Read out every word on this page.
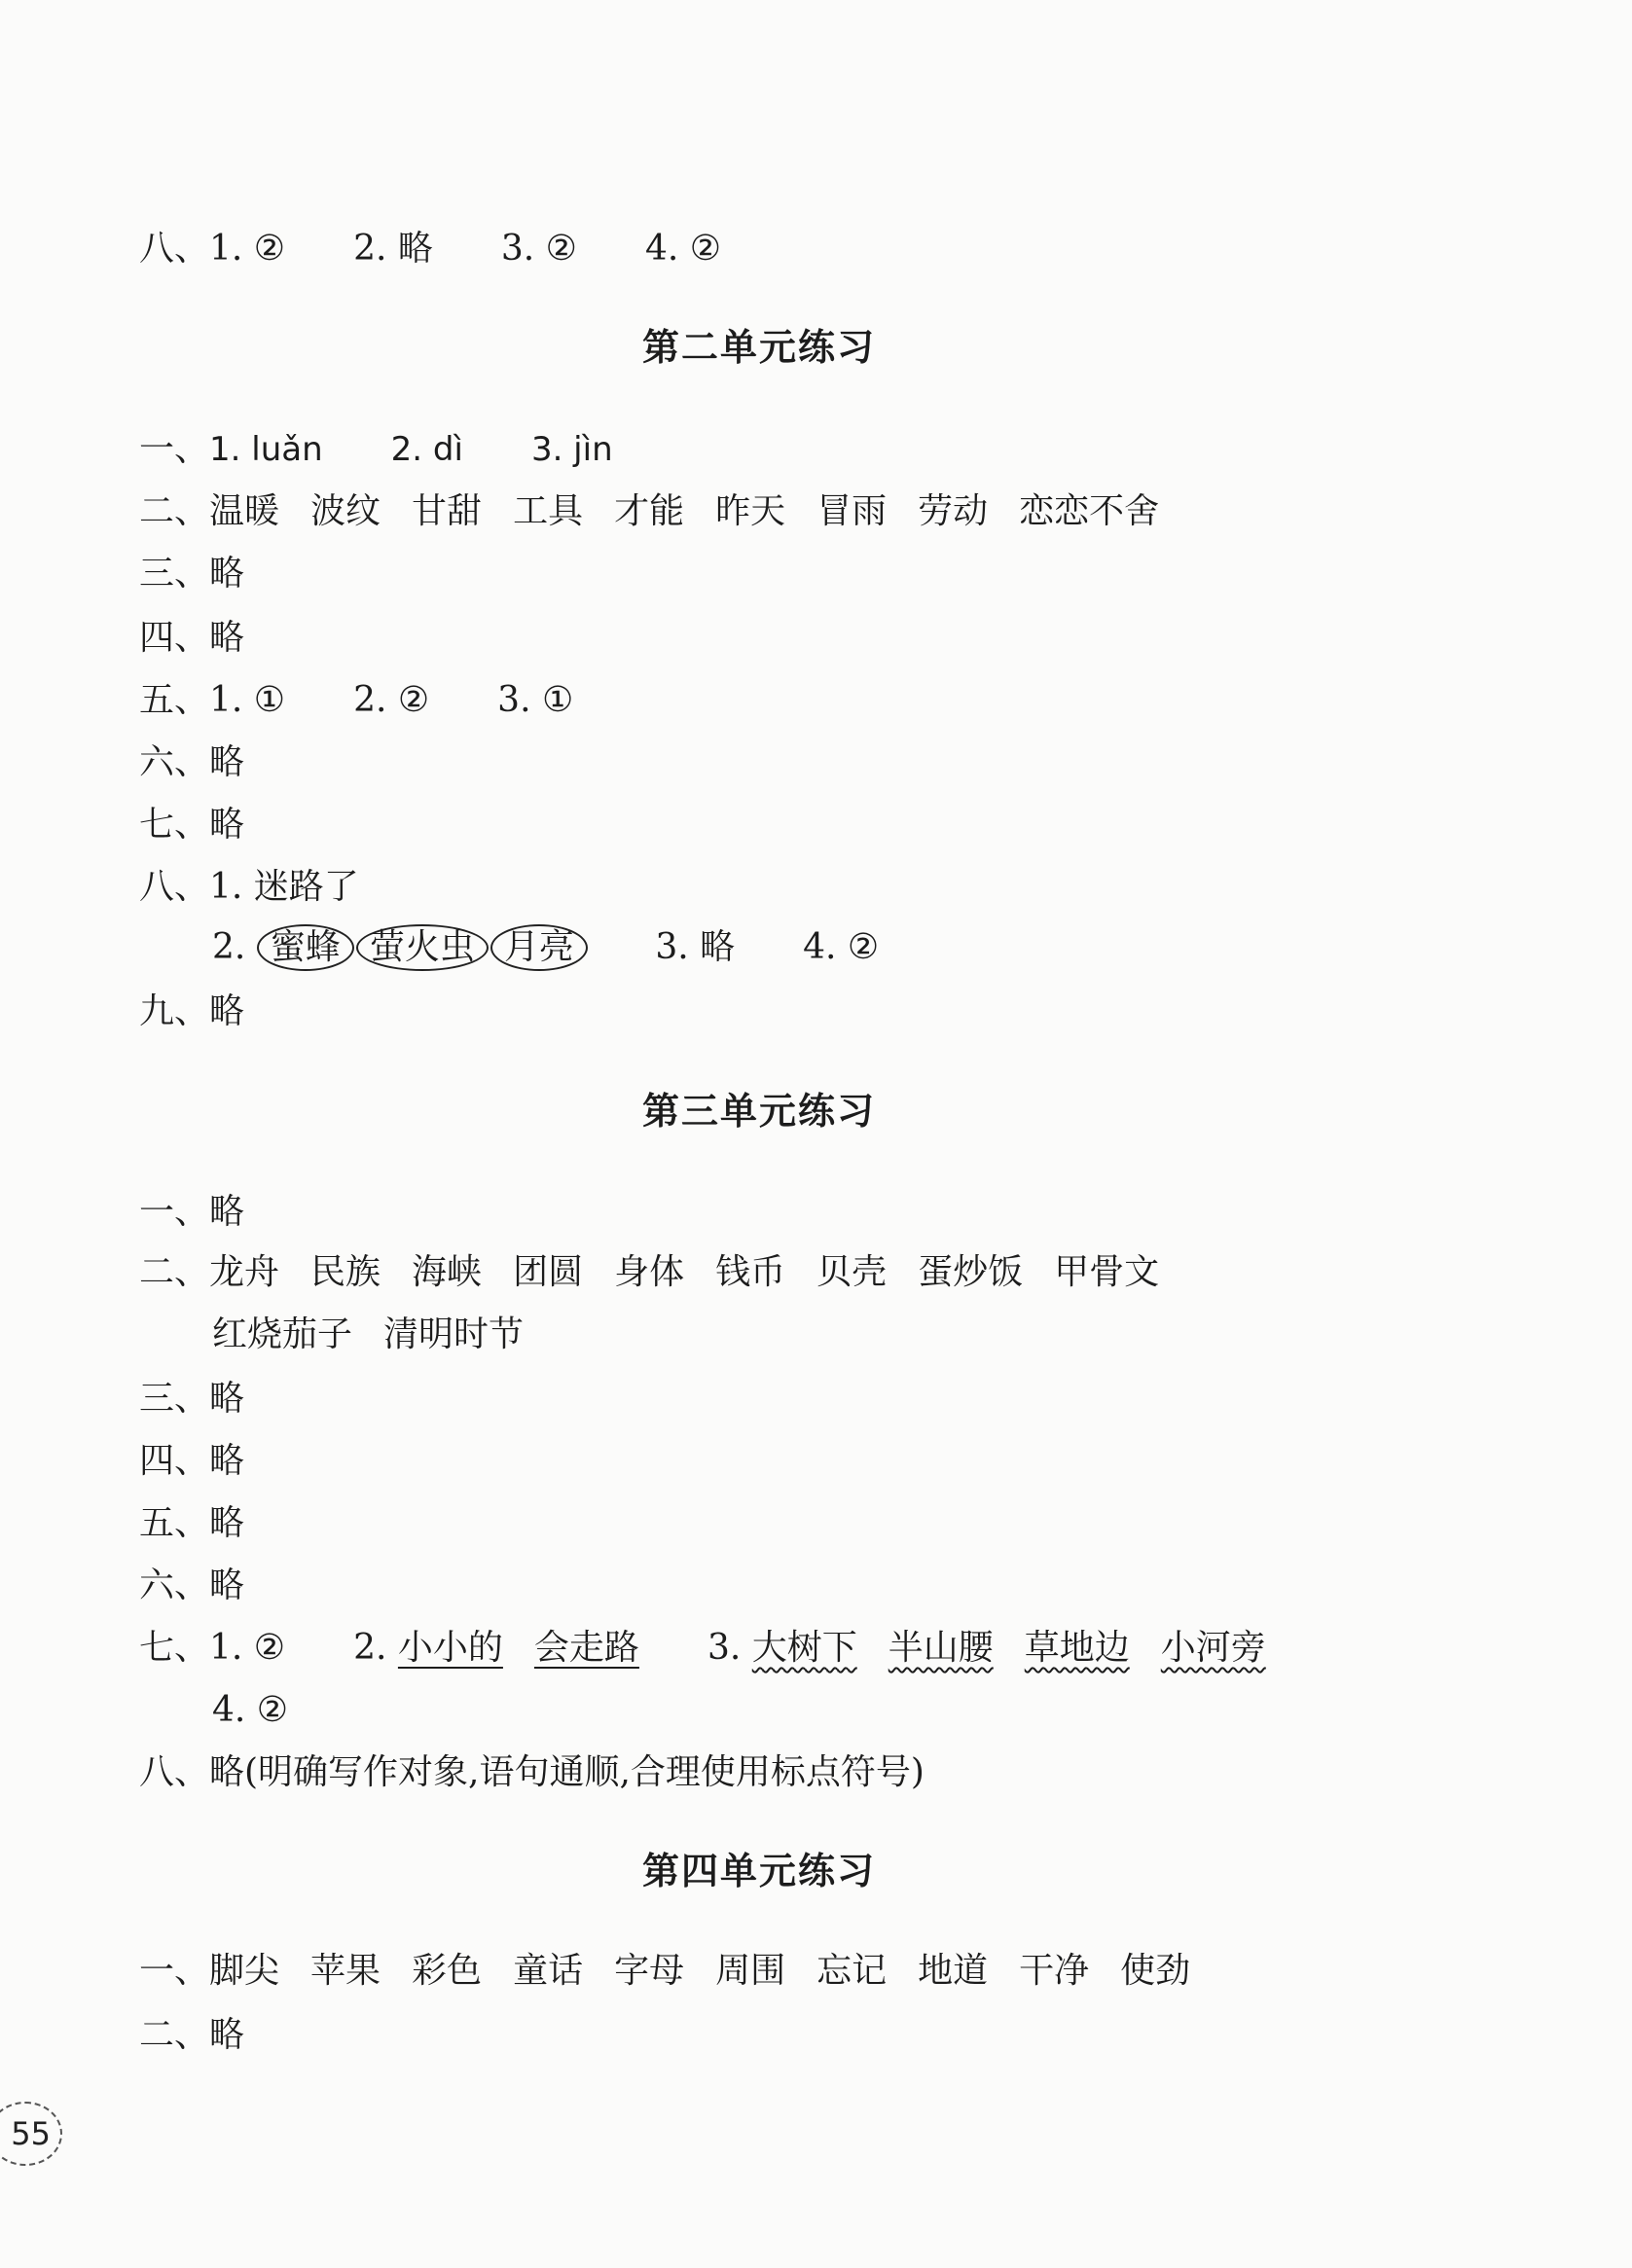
八、1. ② 2. 略 3. ② 4. ②
第二单元练习
一、1. luǎn 2. dì 3. jìn
二、温暖 波纹 甘甜 工具 才能 昨天 冒雨 劳动 恋恋不舍
三、略
四、略
五、1. ① 2. ② 3. ①
六、略
七、略
八、1. 迷路了
2. 蜜蜂 萤火虫 月亮 3. 略 4. ②
九、略
第三单元练习
一、略
二、龙舟 民族 海峡 团圆 身体 钱币 贝壳 蛋炒饭 甲骨文
红烧茄子 清明时节
三、略
四、略
五、略
六、略
七、1. ② 2. 小小的 会走路 3. 大树下 半山腰 草地边 小河旁
4. ②
八、略(明确写作对象,语句通顺,合理使用标点符号)
第四单元练习
一、脚尖 苹果 彩色 童话 字母 周围 忘记 地道 干净 使劲
二、略
55
